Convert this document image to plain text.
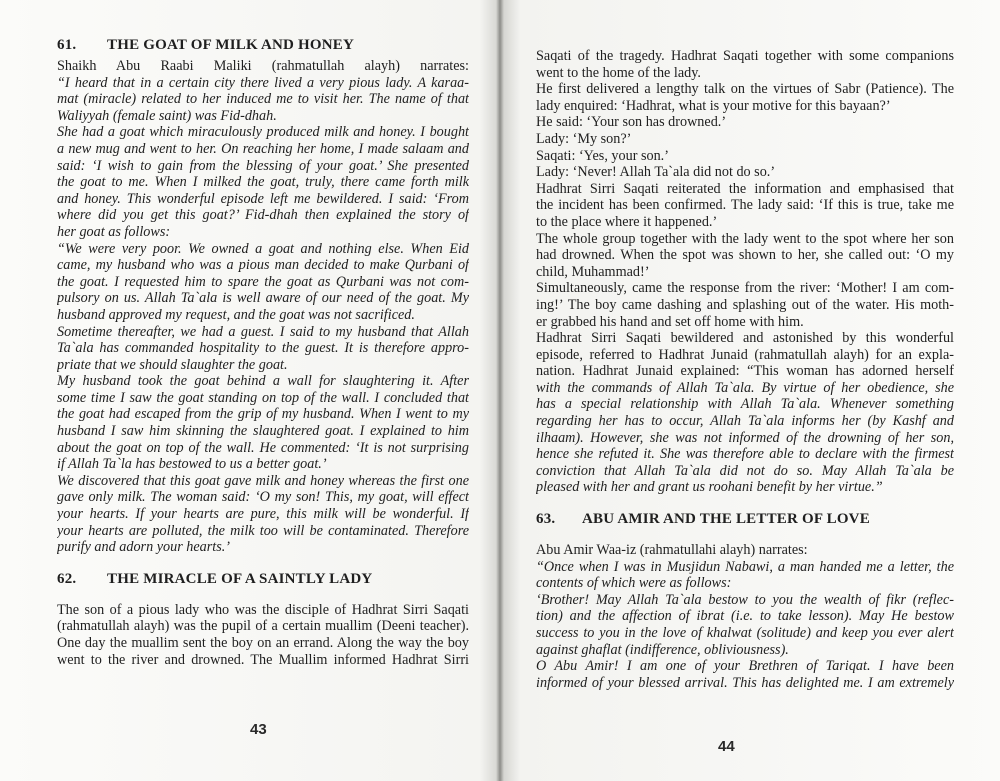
61.	THE GOAT OF MILK AND HONEY
Shaikh Abu Raabi Maliki (rahmatullah alayh) narrates:
“I heard that in a certain city there lived a very pious lady. A karaa-
mat (miracle) related to her induced me to visit her. The name of that
Waliyyah (female saint) was Fid-dhah.
She had a goat which miraculously produced milk and honey. I bought
a new mug and went to her. On reaching her home, I made salaam and
said: ‘I wish to gain from the blessing of your goat.’ She presented
the goat to me. When I milked the goat, truly, there came forth milk
and honey. This wonderful episode left me bewildered. I said: ‘From
where did you get this goat?’ Fid-dhah then explained the story of
her goat as follows:
“We were very poor. We owned a goat and nothing else. When Eid
came, my husband who was a pious man decided to make Qurbani of
the goat. I requested him to spare the goat as Qurbani was not com-
pulsory on us. Allah Ta`ala is well aware of our need of the goat. My
husband approved my request, and the goat was not sacrificed.
Sometime thereafter, we had a guest. I said to my husband that Allah
Ta`ala has commanded hospitality to the guest. It is therefore appro-
priate that we should slaughter the goat.
My husband took the goat behind a wall for slaughtering it. After
some time I saw the goat standing on top of the wall. I concluded that
the goat had escaped from the grip of my husband. When I went to my
husband I saw him skinning the slaughtered goat. I explained to him
about the goat on top of the wall. He commented: ‘It is not surprising
if Allah Ta`la has bestowed to us a better goat.’
We discovered that this goat gave milk and honey whereas the first one
gave only milk. The woman said: ‘O my son! This, my goat, will effect
your hearts. If your hearts are pure, this milk will be wonderful. If
your hearts are polluted, the milk too will be contaminated. Therefore
purify and adorn your hearts.’
62.	THE MIRACLE OF A SAINTLY LADY
The son of a pious lady who was the disciple of Hadhrat Sirri Saqati
(rahmatullah alayh) was the pupil of a certain muallim (Deeni teacher).
One day the muallim sent the boy on an errand. Along the way the boy
went to the river and drowned. The Muallim informed Hadhrat Sirri
43
Saqati of the tragedy. Hadhrat Saqati together with some companions
went to the home of the lady.
He first delivered a lengthy talk on the virtues of Sabr (Patience). The
lady enquired: ‘Hadhrat, what is your motive for this bayaan?’
He said: ‘Your son has drowned.’
Lady: ‘My son?’
Saqati: ‘Yes, your son.’
Lady: ‘Never! Allah Ta`ala did not do so.’
Hadhrat Sirri Saqati reiterated the information and emphasised that
the incident has been confirmed. The lady said: ‘If this is true, take me
to the place where it happened.’
The whole group together with the lady went to the spot where her son
had drowned. When the spot was shown to her, she called out: ‘O my
child, Muhammad!’
Simultaneously, came the response from the river: ‘Mother! I am com-
ing!’ The boy came dashing and splashing out of the water. His moth-
er grabbed his hand and set off home with him.
Hadhrat Sirri Saqati bewildered and astonished by this wonderful
episode, referred to Hadhrat Junaid (rahmatullah alayh) for an expla-
nation. Hadhrat Junaid explained: “This woman has adorned herself
with the commands of Allah Ta`ala. By virtue of her obedience, she
has a special relationship with Allah Ta`ala. Whenever something
regarding her has to occur, Allah Ta`ala informs her (by Kashf and
ilhaam). However, she was not informed of the drowning of her son,
hence she refuted it. She was therefore able to declare with the firmest
conviction that Allah Ta`ala did not do so. May Allah Ta`ala be
pleased with her and grant us roohani benefit by her virtue.”
63.	ABU AMIR AND THE LETTER OF LOVE
Abu Amir Waa-iz (rahmatullahi alayh) narrates:
“Once when I was in Musjidun Nabawi, a man handed me a letter, the
contents of which were as follows:
‘Brother! May Allah Ta`ala bestow to you the wealth of fikr (reflec-
tion) and the affection of ibrat (i.e. to take lesson). May He bestow
success to you in the love of khalwat (solitude) and keep you ever alert
against ghaflat (indifference, obliviousness).
O Abu Amir! I am one of your Brethren of Tariqat. I have been
informed of your blessed arrival. This has delighted me. I am extremely
44
